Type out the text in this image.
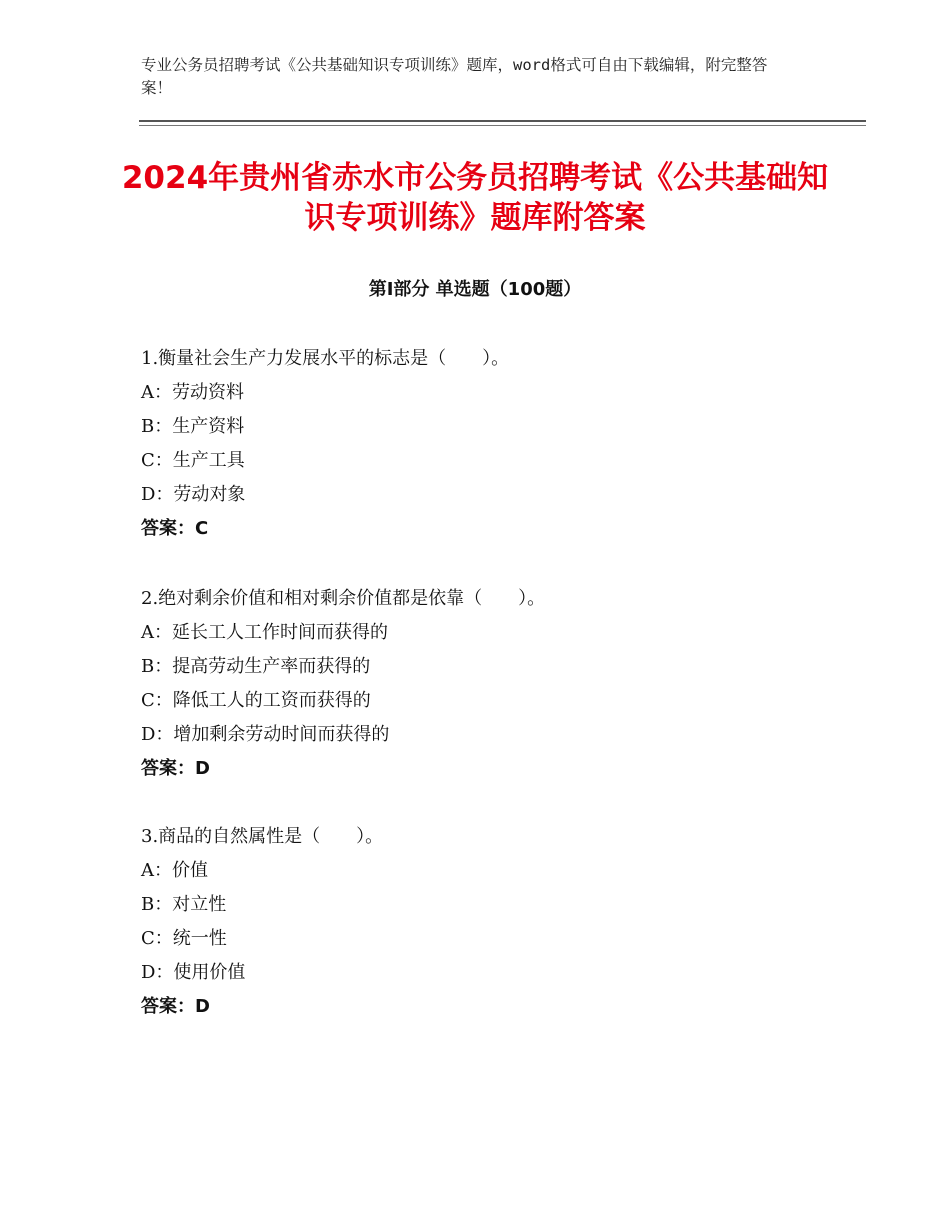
专业公务员招聘考试《公共基础知识专项训练》题库，word格式可自由下载编辑，附完整答案！
2024年贵州省赤水市公务员招聘考试《公共基础知识专项训练》题库附答案
第Ⅰ部分 单选题（100题）
1.衡量社会生产力发展水平的标志是（　　）。
A：劳动资料
B：生产资料
C：生产工具
D：劳动对象
答案：C
2.绝对剩余价值和相对剩余价值都是依靠（　　）。
A：延长工人工作时间而获得的
B：提高劳动生产率而获得的
C：降低工人的工资而获得的
D：增加剩余劳动时间而获得的
答案：D
3.商品的自然属性是（　　）。
A：价值
B：对立性
C：统一性
D：使用价值
答案：D
